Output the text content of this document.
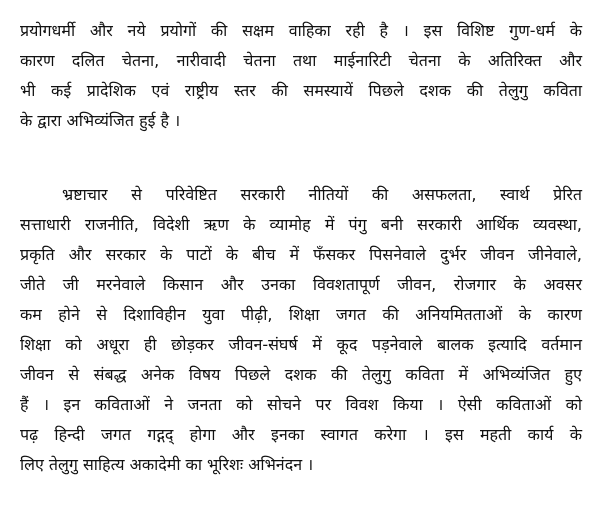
प्रयोगधर्मी और नये प्रयोगों की सक्षम वाहिका रही है । इस विशिष्ट गुण-धर्म के
कारण दलित चेतना, नारीवादी चेतना तथा माईनारिटी चेतना के अतिरिक्त और
भी कई प्रादेशिक एवं राष्ट्रीय स्तर की समस्यायें पिछले दशक की तेलुगु कविता
के द्वारा अभिव्यंजित हुई है ।
भ्रष्टाचार से परिवेष्टित सरकारी नीतियों की असफलता, स्वार्थ प्रेरित
सत्ताधारी राजनीति, विदेशी ऋण के व्यामोह में पंगु बनी सरकारी आर्थिक व्यवस्था,
प्रकृति और सरकार के पाटों के बीच में फँसकर पिसनेवाले दुर्भर जीवन जीनेवाले,
जीते जी मरनेवाले किसान और उनका विवशतापूर्ण जीवन, रोजगार के अवसर
कम होने से दिशाविहीन युवा पीढ़ी, शिक्षा जगत की अनियमितताओं के कारण
शिक्षा को अधूरा ही छोड़कर जीवन-संघर्ष में कूद पड़नेवाले बालक इत्यादि वर्तमान
जीवन से संबद्ध अनेक विषय पिछले दशक की तेलुगु कविता में अभिव्यंजित हुए
हैं । इन कविताओं ने जनता को सोचने पर विवश किया । ऐसी कविताओं को
पढ़ हिन्दी जगत गद्गद् होगा और इनका स्वागत करेगा । इस महती कार्य के
लिए तेलुगु साहित्य अकादेमी का भूरिशः अभिनंदन ।
